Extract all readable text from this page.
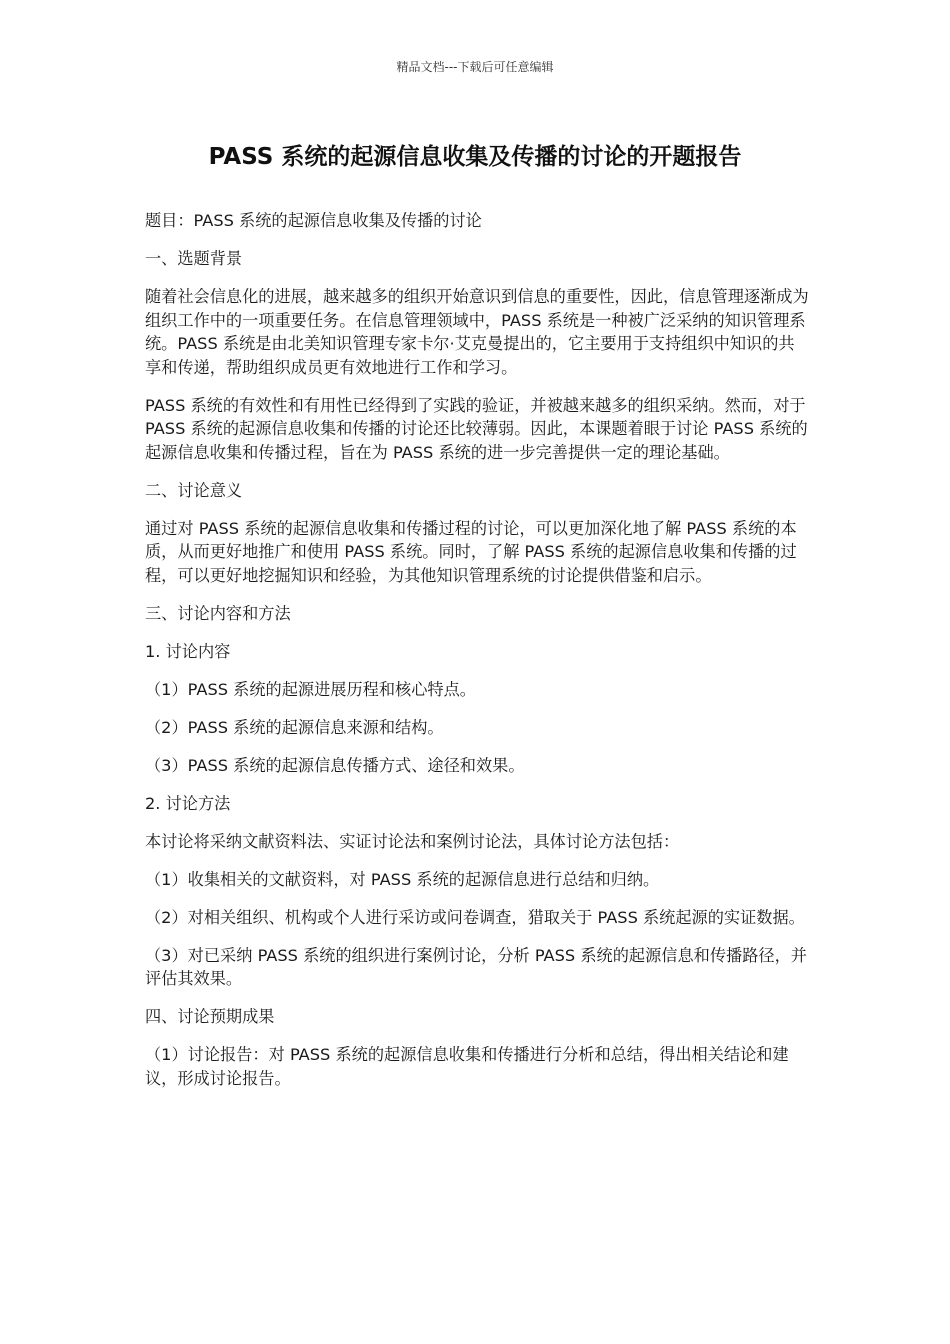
精品文档---下载后可任意编辑
PASS 系统的起源信息收集及传播的讨论的开题报告

题目：PASS 系统的起源信息收集及传播的讨论

一、选题背景

随着社会信息化的进展，越来越多的组织开始意识到信息的重要性，因此，信息管理逐渐成为组织工作中的一项重要任务。在信息管理领域中，PASS 系统是一种被广泛采纳的知识管理系统。PASS 系统是由北美知识管理专家卡尔·艾克曼提出的，它主要用于支持组织中知识的共享和传递，帮助组织成员更有效地进行工作和学习。

PASS 系统的有效性和有用性已经得到了实践的验证，并被越来越多的组织采纳。然而，对于 PASS 系统的起源信息收集和传播的讨论还比较薄弱。因此，本课题着眼于讨论 PASS 系统的起源信息收集和传播过程，旨在为 PASS 系统的进一步完善提供一定的理论基础。

二、讨论意义

通过对 PASS 系统的起源信息收集和传播过程的讨论，可以更加深化地了解 PASS 系统的本质，从而更好地推广和使用 PASS 系统。同时，了解 PASS 系统的起源信息收集和传播的过程，可以更好地挖掘知识和经验，为其他知识管理系统的讨论提供借鉴和启示。

三、讨论内容和方法

1. 讨论内容

（1）PASS 系统的起源进展历程和核心特点。

（2）PASS 系统的起源信息来源和结构。

（3）PASS 系统的起源信息传播方式、途径和效果。

2. 讨论方法

本讨论将采纳文献资料法、实证讨论法和案例讨论法，具体讨论方法包括：

（1）收集相关的文献资料，对 PASS 系统的起源信息进行总结和归纳。

（2）对相关组织、机构或个人进行采访或问卷调查，猎取关于 PASS 系统起源的实证数据。

（3）对已采纳 PASS 系统的组织进行案例讨论，分析 PASS 系统的起源信息和传播路径，并评估其效果。

四、讨论预期成果

（1）讨论报告：对 PASS 系统的起源信息收集和传播进行分析和总结，得出相关结论和建议，形成讨论报告。
